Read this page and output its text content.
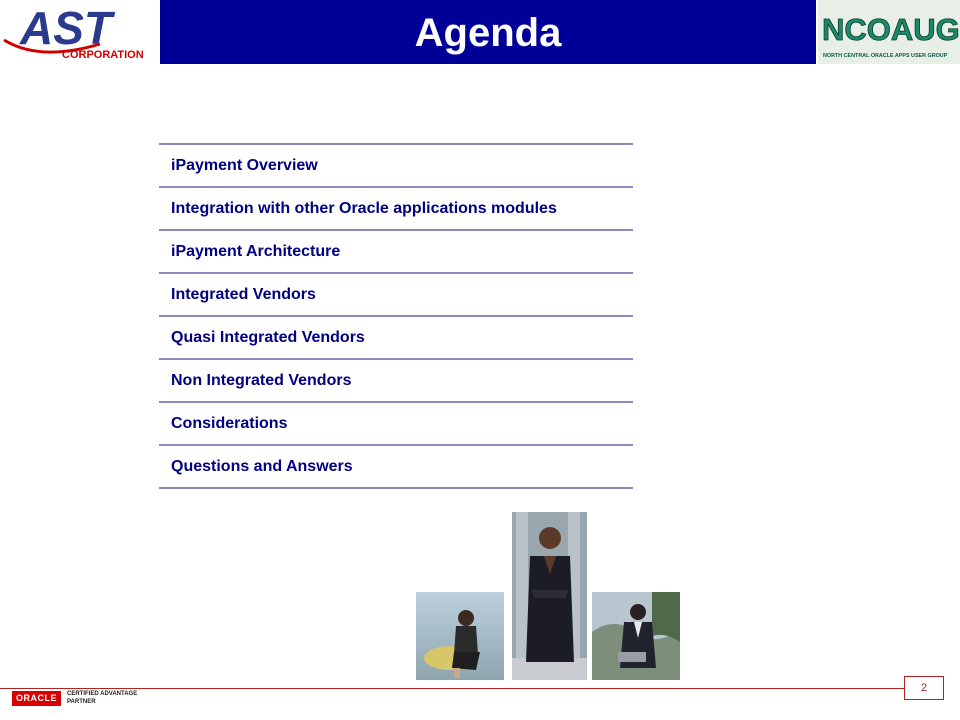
Agenda
AST
CORPORATION
NCOAUG
NORTH CENTRAL ORACLE APPS USER GROUP
iPayment Overview
Integration with other Oracle applications modules
iPayment Architecture
Integrated Vendors
Quasi Integrated Vendors
Non Integrated Vendors
Considerations
Questions and Answers
2
ORACLE	CERTIFIED ADVANTAGE
PARTNER
